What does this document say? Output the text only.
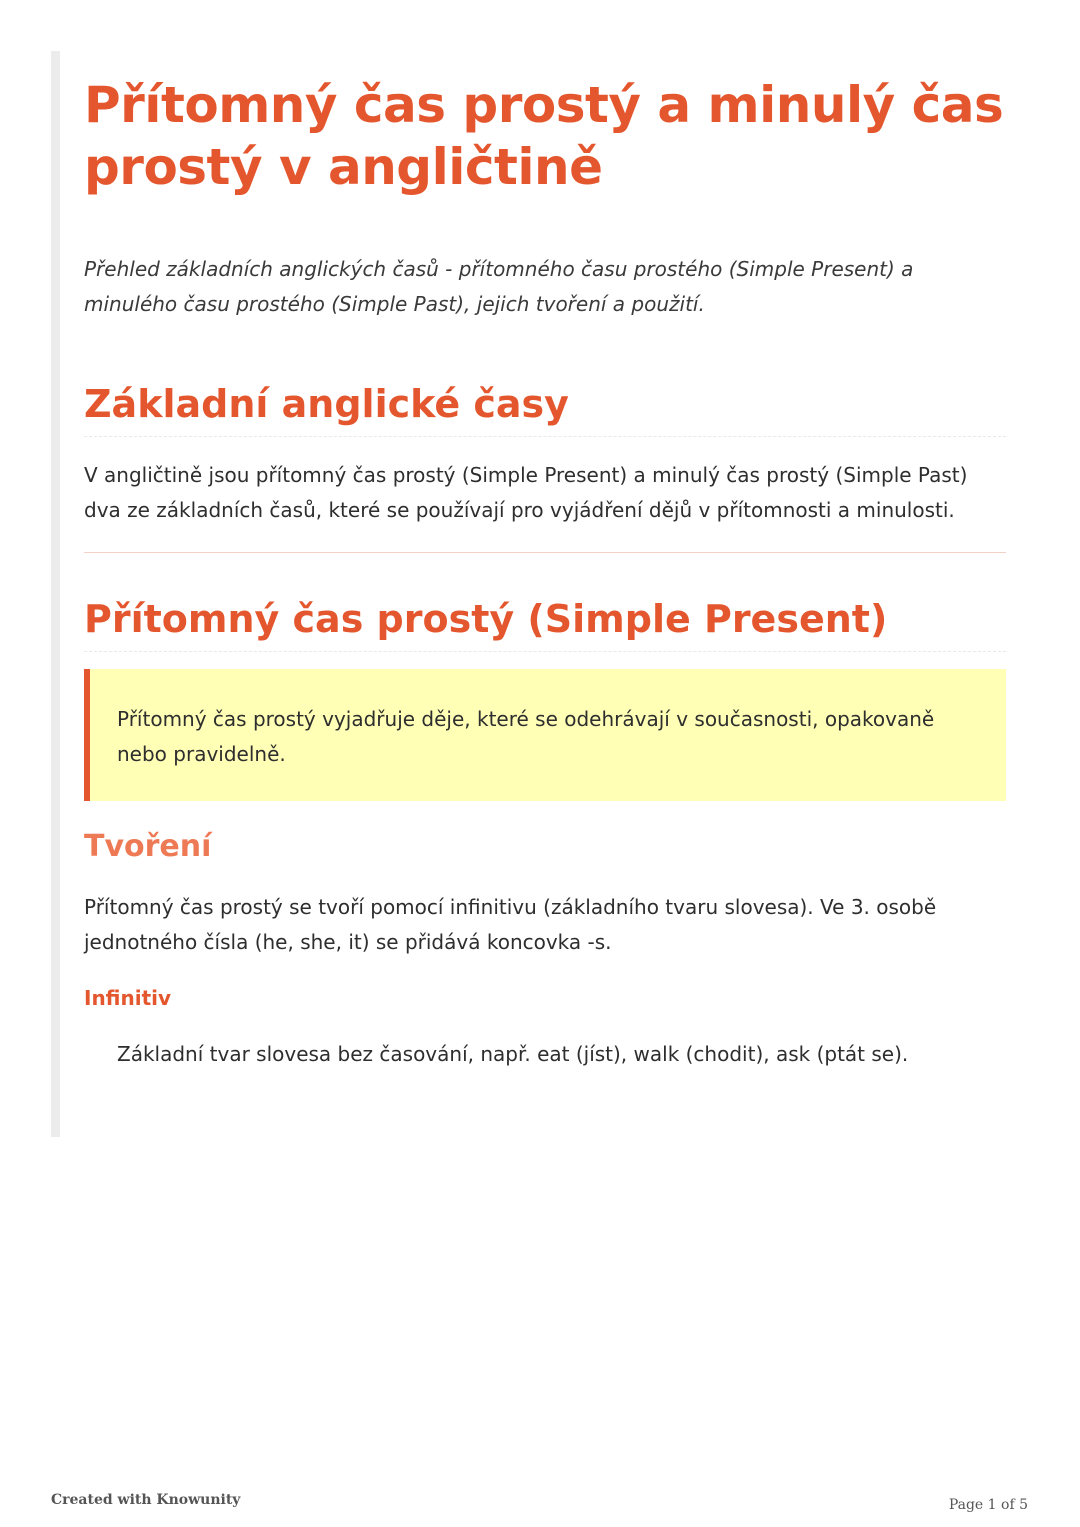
Přítomný čas prostý a minulý čas prostý v angličtině

Přehled základních anglických časů - přítomného času prostého (Simple Present) a minulého času prostého (Simple Past), jejich tvoření a použití.

Základní anglické časy

V angličtině jsou přítomný čas prostý (Simple Present) a minulý čas prostý (Simple Past) dva ze základních časů, které se používají pro vyjádření dějů v přítomnosti a minulosti.

Přítomný čas prostý (Simple Present)

Přítomný čas prostý vyjadřuje děje, které se odehrávají v současnosti, opakovaně nebo pravidelně.

Tvoření

Přítomný čas prostý se tvoří pomocí infinitivu (základního tvaru slovesa). Ve 3. osobě jednotného čísla (he, she, it) se přidává koncovka -s.

Infinitiv

Základní tvar slovesa bez časování, např. eat (jíst), walk (chodit), ask (ptát se).

Created with Knowunity	Page 1 of 5
